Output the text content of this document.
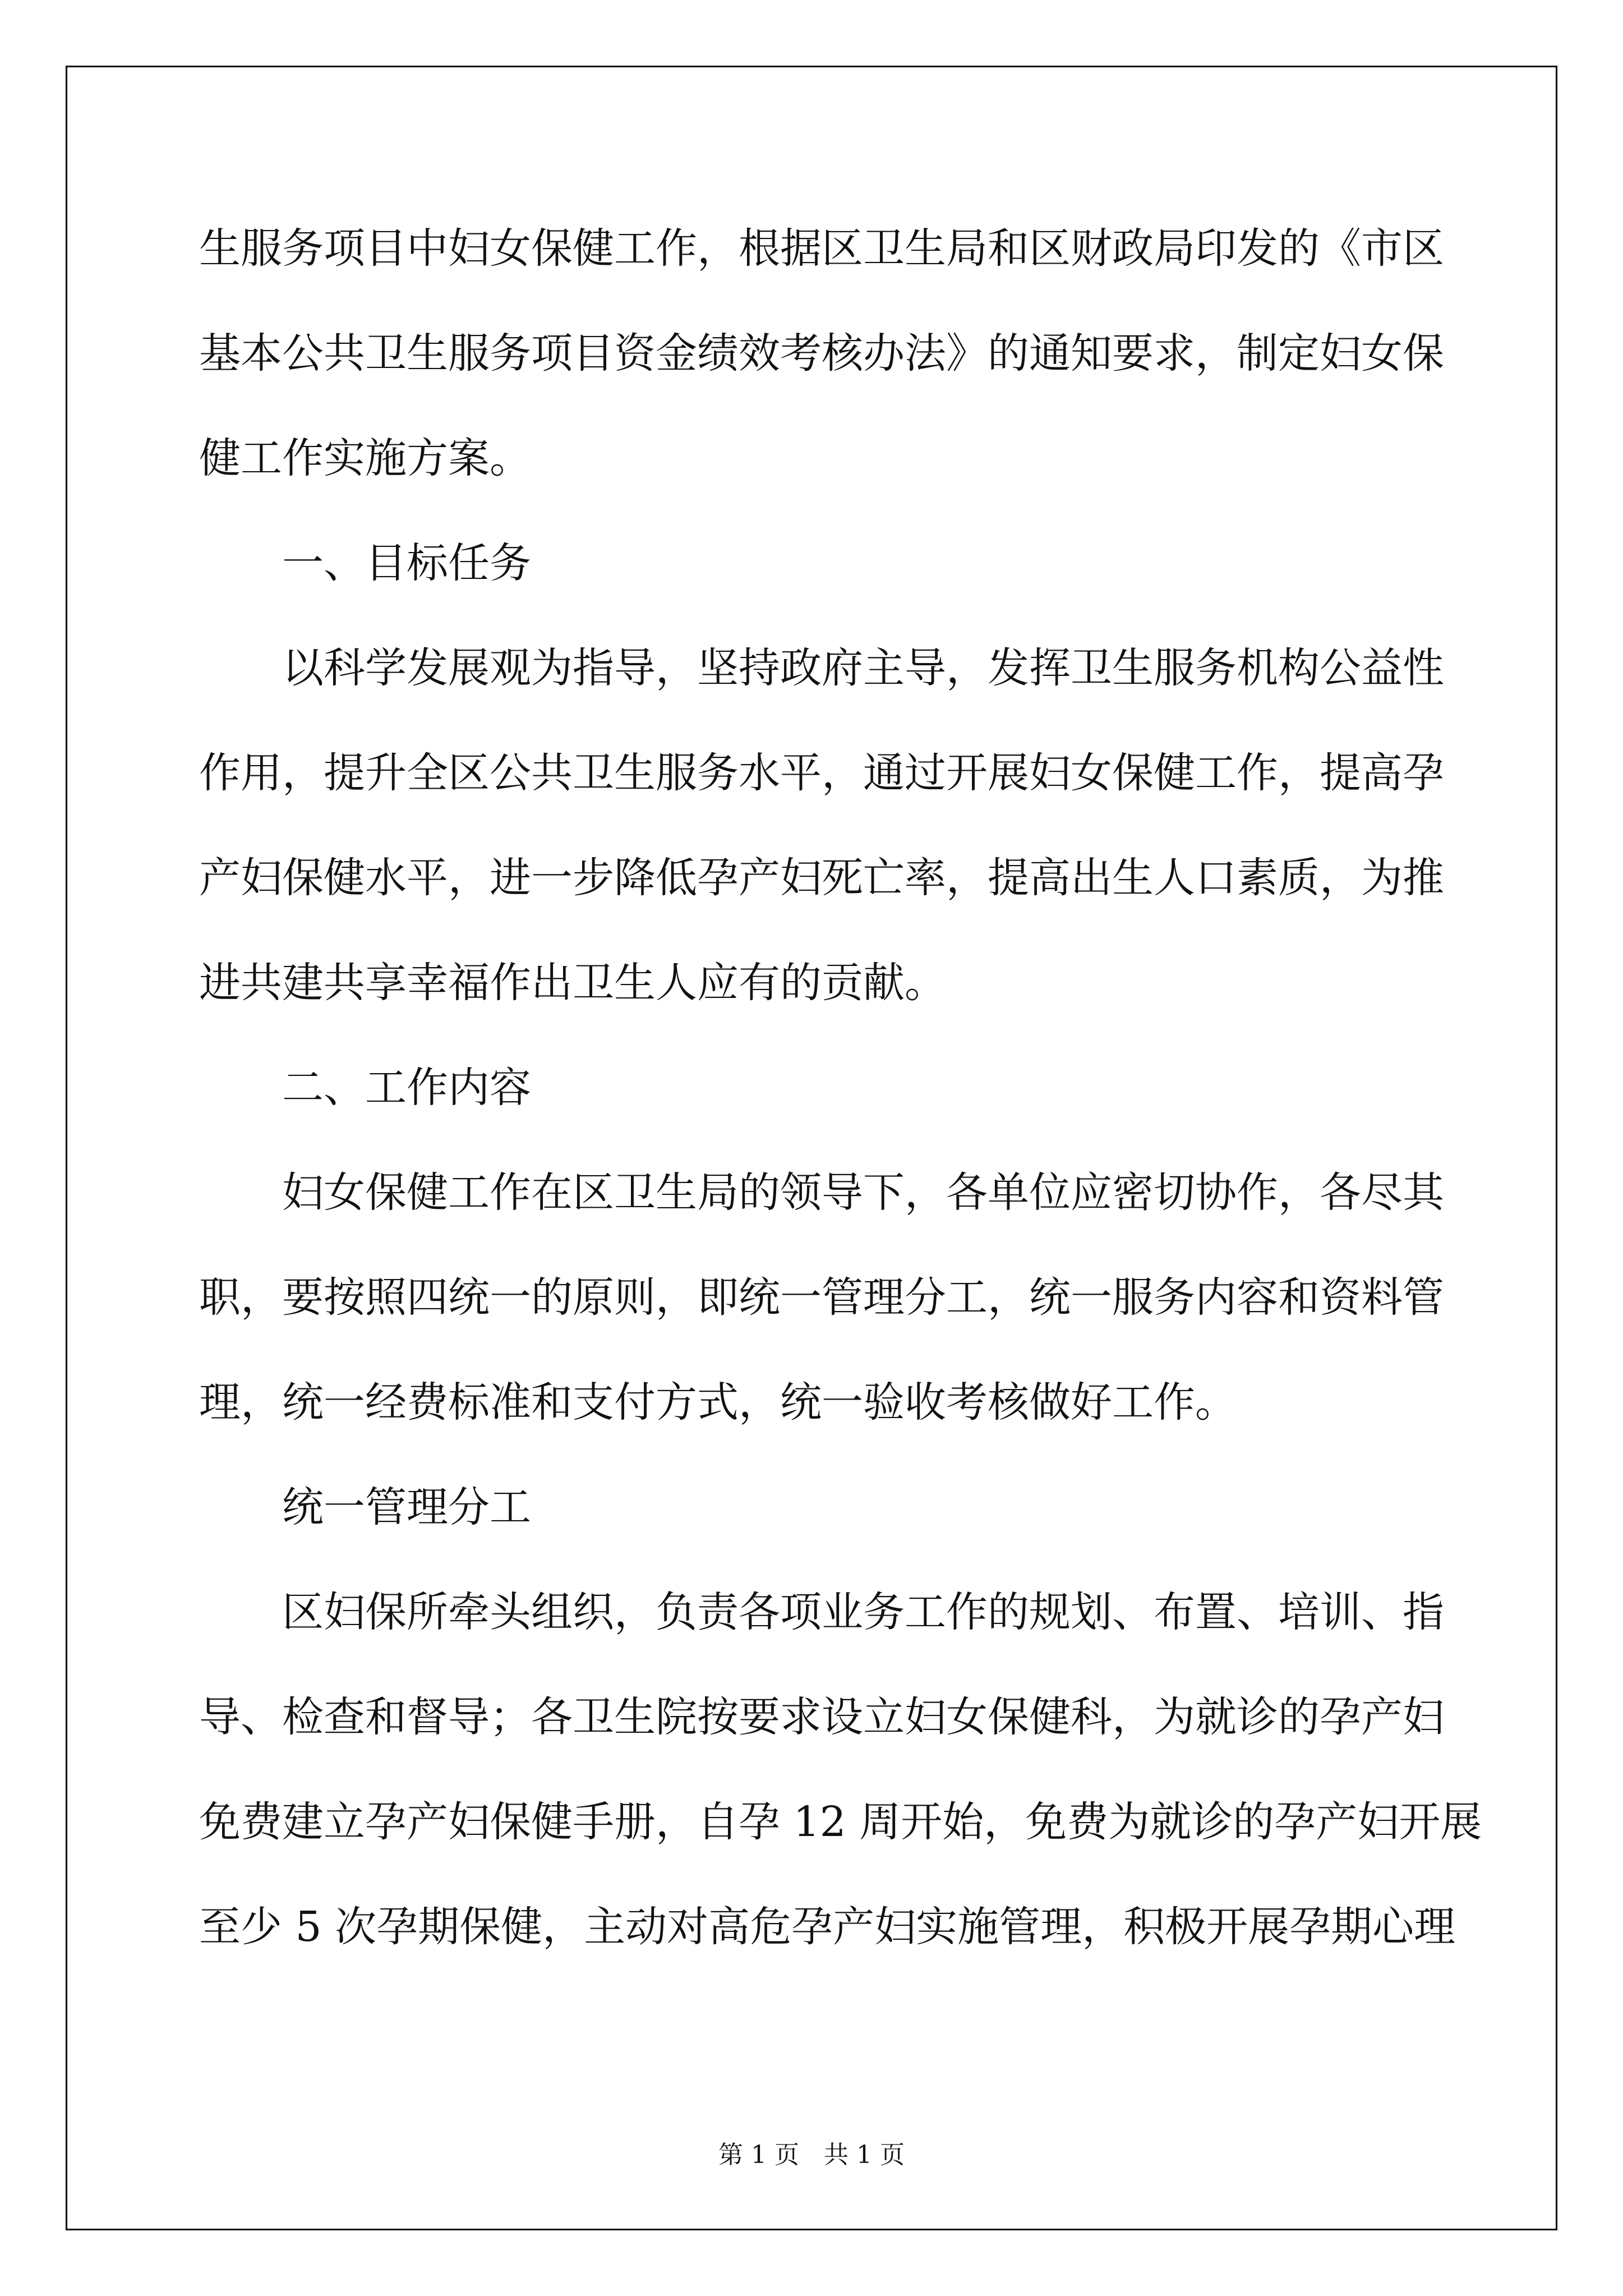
生服务项目中妇女保健工作，根据区卫生局和区财政局印发的《市区
基本公共卫生服务项目资金绩效考核办法》的通知要求，制定妇女保
健工作实施方案。
一、目标任务
以科学发展观为指导，坚持政府主导，发挥卫生服务机构公益性
作用，提升全区公共卫生服务水平，通过开展妇女保健工作，提高孕
产妇保健水平，进一步降低孕产妇死亡率，提高出生人口素质，为推
进共建共享幸福作出卫生人应有的贡献。
二、工作内容
妇女保健工作在区卫生局的领导下，各单位应密切协作，各尽其
职，要按照四统一的原则，即统一管理分工，统一服务内容和资料管
理，统一经费标准和支付方式，统一验收考核做好工作。
统一管理分工
区妇保所牵头组织，负责各项业务工作的规划、布置、培训、指
导、检查和督导；各卫生院按要求设立妇女保健科，为就诊的孕产妇
免费建立孕产妇保健手册，自孕 12 周开始，免费为就诊的孕产妇开展
至少 5 次孕期保健，主动对高危孕产妇实施管理，积极开展孕期心理
第 1 页　共 1 页
